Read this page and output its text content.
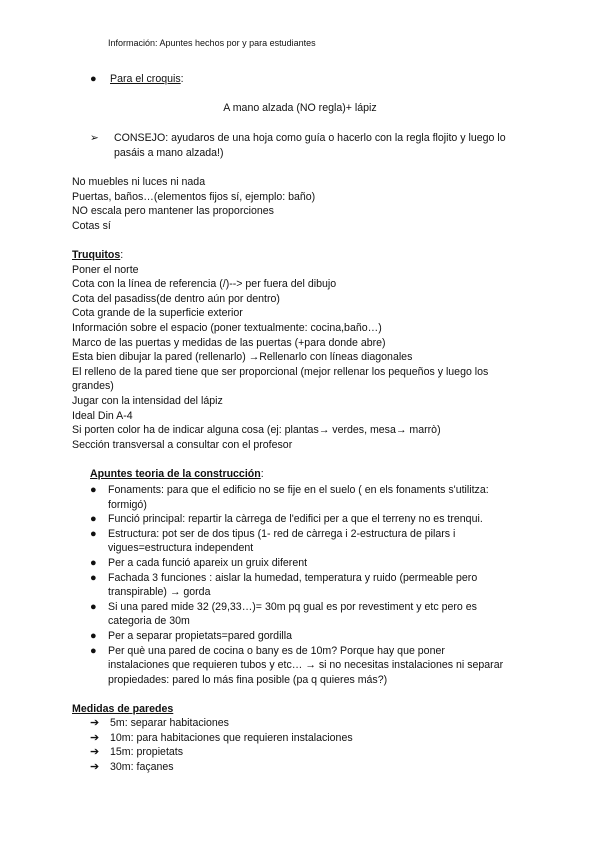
Información: Apuntes hechos por y para estudiantes
●	Para el croquis :
A mano alzada (NO regla)+ lápiz
➢	CONSEJO: ayudaros de una hoja como guía o hacerlo con la regla flojito y luego lo
pasáis a mano alzada!)
No muebles ni luces ni nada
Puertas, baños…(elementos fijos sí, ejemplo: baño)
NO escala pero mantener las proporciones
Cotas sí
Truquitos:
Poner el norte
Cota con la línea de referencia (/)--> per fuera del dibujo
Cota del pasadiss(de dentro aún por dentro)
Cota grande de la superficie exterior
Información sobre el espacio (poner textualmente: cocina,baño…)
Marco de las puertas y medidas de las puertas (+para donde abre)
Esta bien dibujar la pared (rellenarlo) →Rellenarlo con líneas diagonales
El relleno de la pared tiene que ser proporcional (mejor rellenar los pequeños y luego los
grandes)
Jugar con la intensidad del lápiz
Ideal Din A-4
Si porten color ha de indicar alguna cosa (ej: plantas→ verdes, mesa→ marrò)
Sección transversal a consultar con el profesor
Apuntes teoria de la construcción:
●	Fonaments: para que el edificio no se fije en el suelo ( en els fonaments s'utilitza:
formigó)
●	Funció principal: repartir la càrrega de l'edifici per a que el terreny no es trenqui.
●	Estructura: pot ser de dos tipus (1- red de càrrega i 2-estructura de pilars i
vigues=estructura independent
●	Per a cada funció apareix un gruix diferent
●	Fachada 3 funciones : aislar la humedad, temperatura y ruido (permeable pero
transpirable) → gorda
●	Si una pared mide 32 (29,33…)= 30m pq gual es por revestiment y etc pero es
categoria de 30m
●	Per a separar propietats=pared gordilla
●	Per què una pared de cocina o bany es de 10m? Porque hay que poner
instalaciones que requieren tubos y etc… → si no necesitas instalaciones ni separar
propiedades: pared lo más fina posible (pa q quieres más?)
Medidas de paredes
➔	5m: separar habitaciones
➔	10m: para habitaciones que requieren instalaciones
➔	15m: propietats
➔	30m: façanes
